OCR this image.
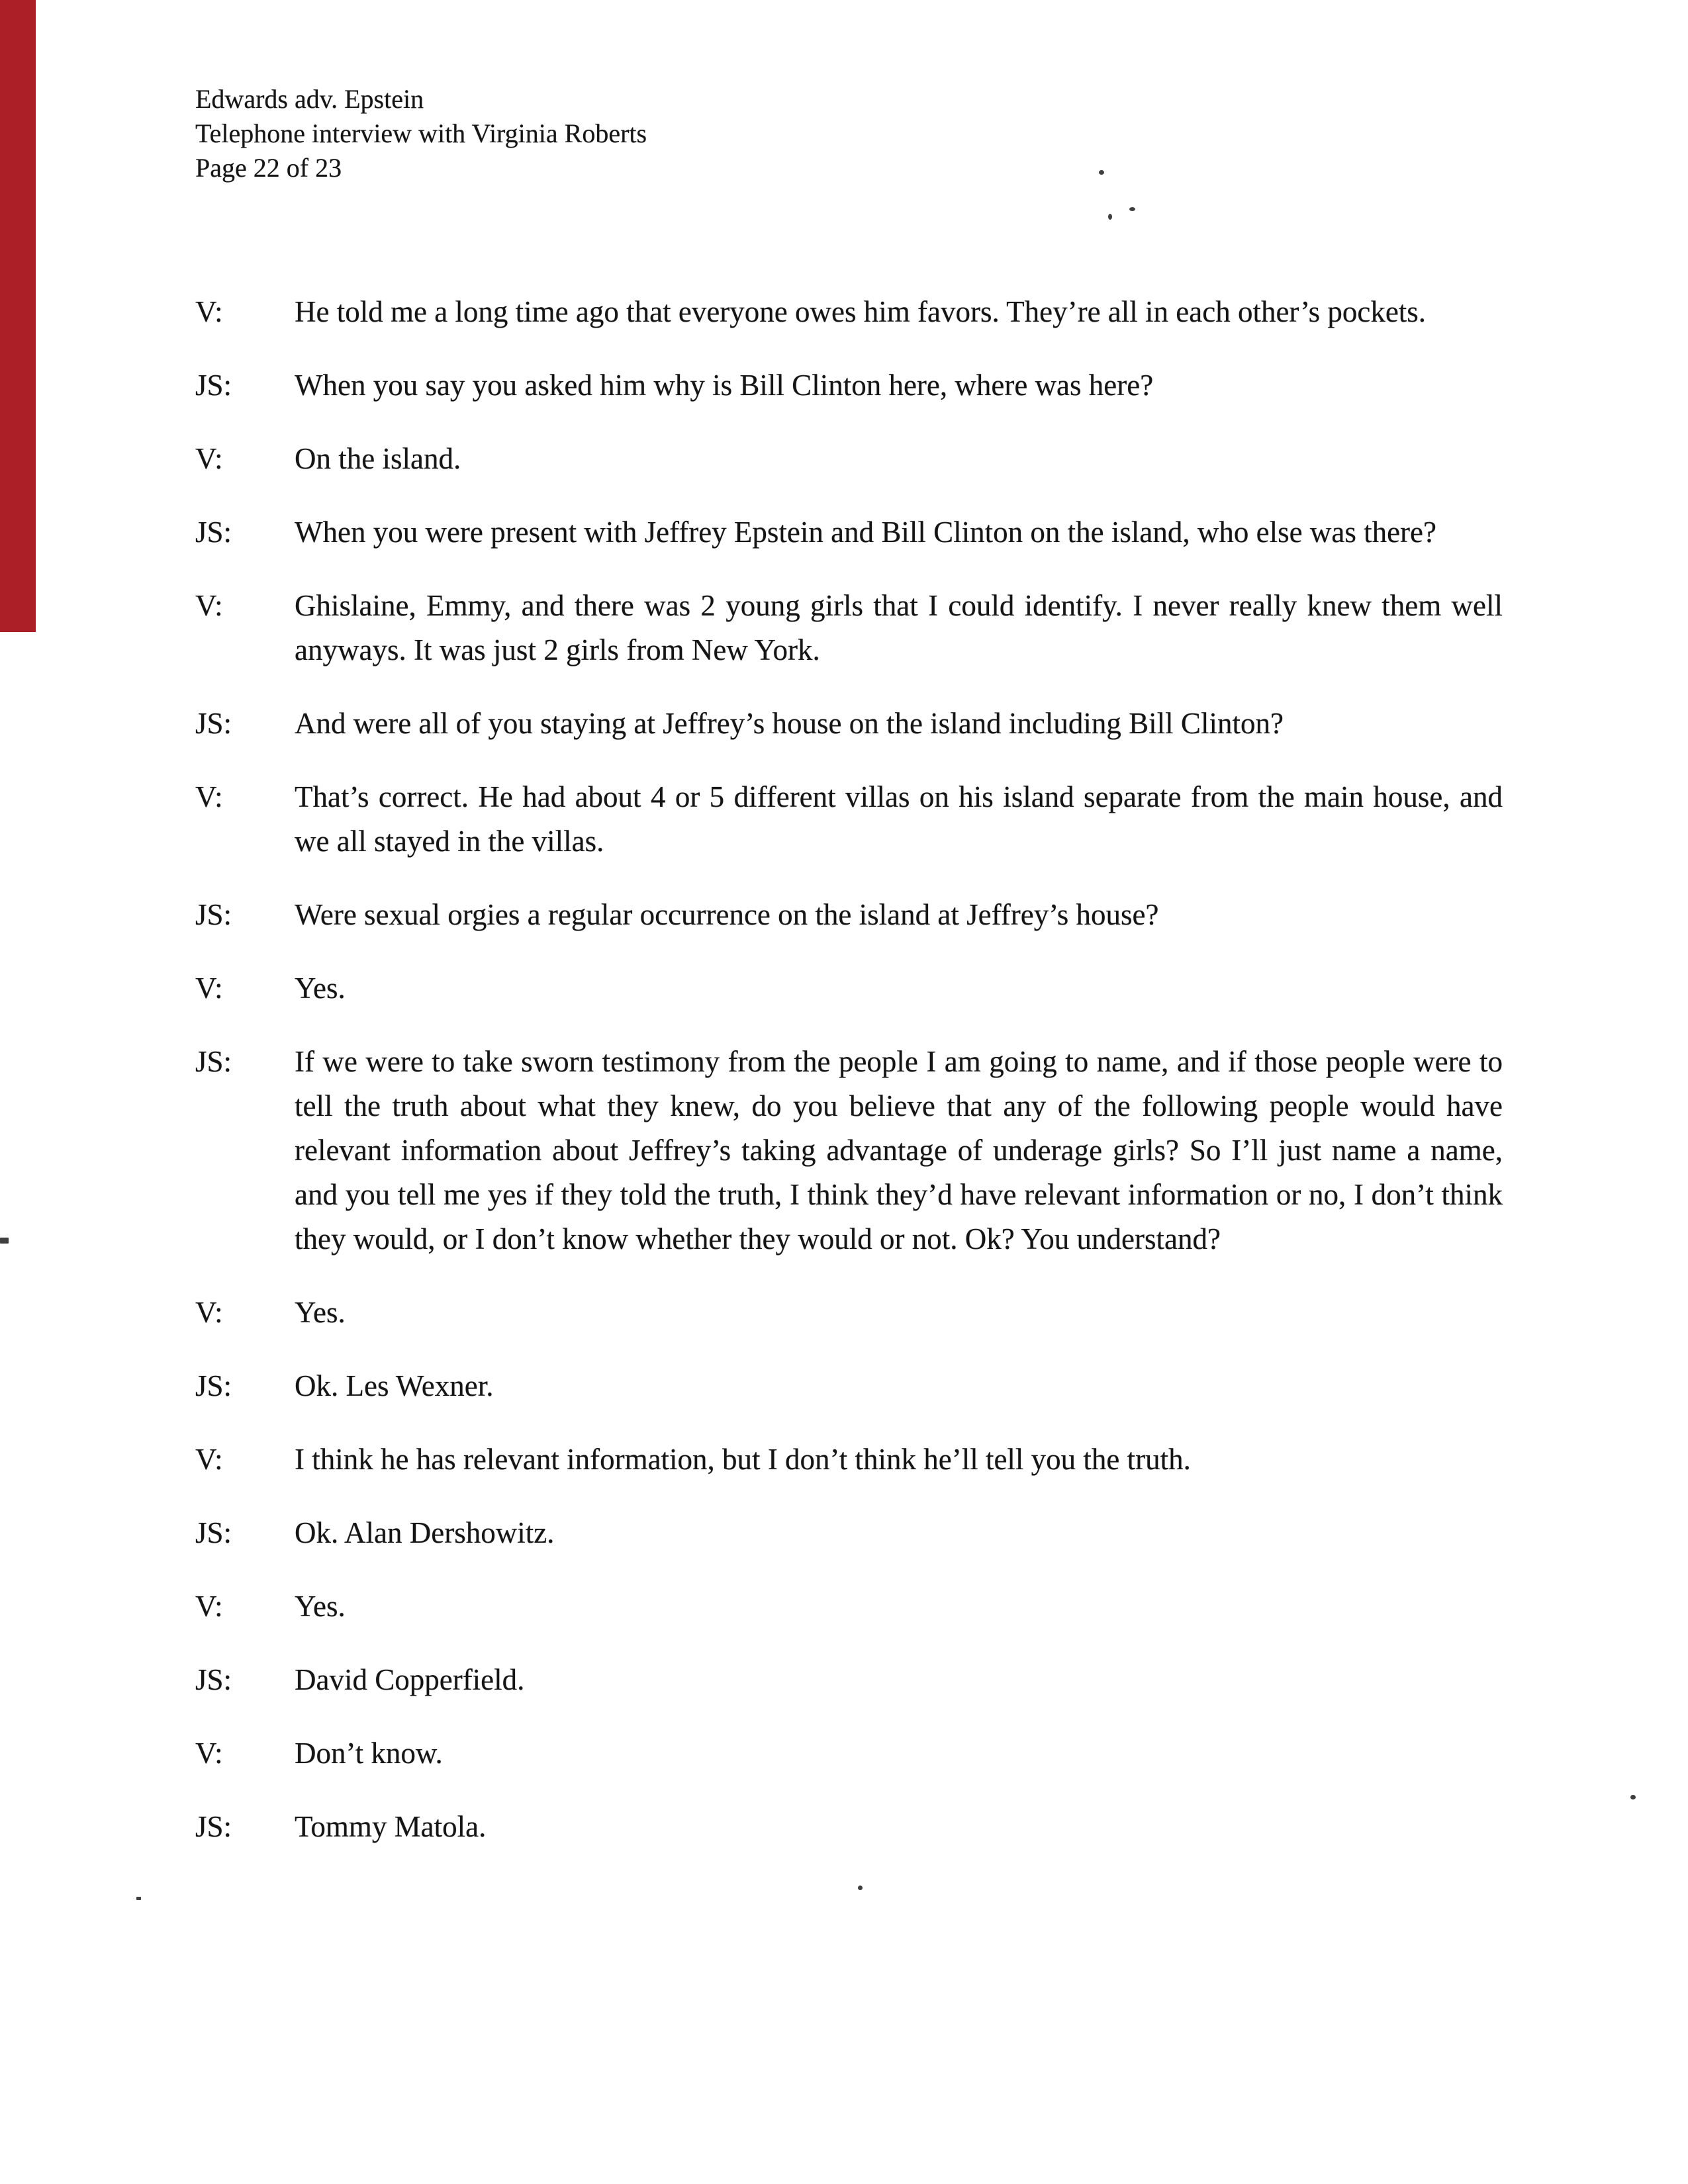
Edwards adv. Epstein
Telephone interview with Virginia Roberts
Page 22 of 23
V:	He told me a long time ago that everyone owes him favors. They’re all in each other’s pockets.
JS:	When you say you asked him why is Bill Clinton here, where was here?
V:	On the island.
JS:	When you were present with Jeffrey Epstein and Bill Clinton on the island, who else was there?
V:	Ghislaine, Emmy, and there was 2 young girls that I could identify. I never really knew them well anyways. It was just 2 girls from New York.
JS:	And were all of you staying at Jeffrey’s house on the island including Bill Clinton?
V:	That’s correct. He had about 4 or 5 different villas on his island separate from the main house, and we all stayed in the villas.
JS:	Were sexual orgies a regular occurrence on the island at Jeffrey’s house?
V:	Yes.
JS:	If we were to take sworn testimony from the people I am going to name, and if those people were to tell the truth about what they knew, do you believe that any of the following people would have relevant information about Jeffrey’s taking advantage of underage girls? So I’ll just name a name, and you tell me yes if they told the truth, I think they’d have relevant information or no, I don’t think they would, or I don’t know whether they would or not. Ok? You understand?
V:	Yes.
JS:	Ok. Les Wexner.
V:	I think he has relevant information, but I don’t think he’ll tell you the truth.
JS:	Ok. Alan Dershowitz.
V:	Yes.
JS:	David Copperfield.
V:	Don’t know.
JS:	Tommy Matola.
